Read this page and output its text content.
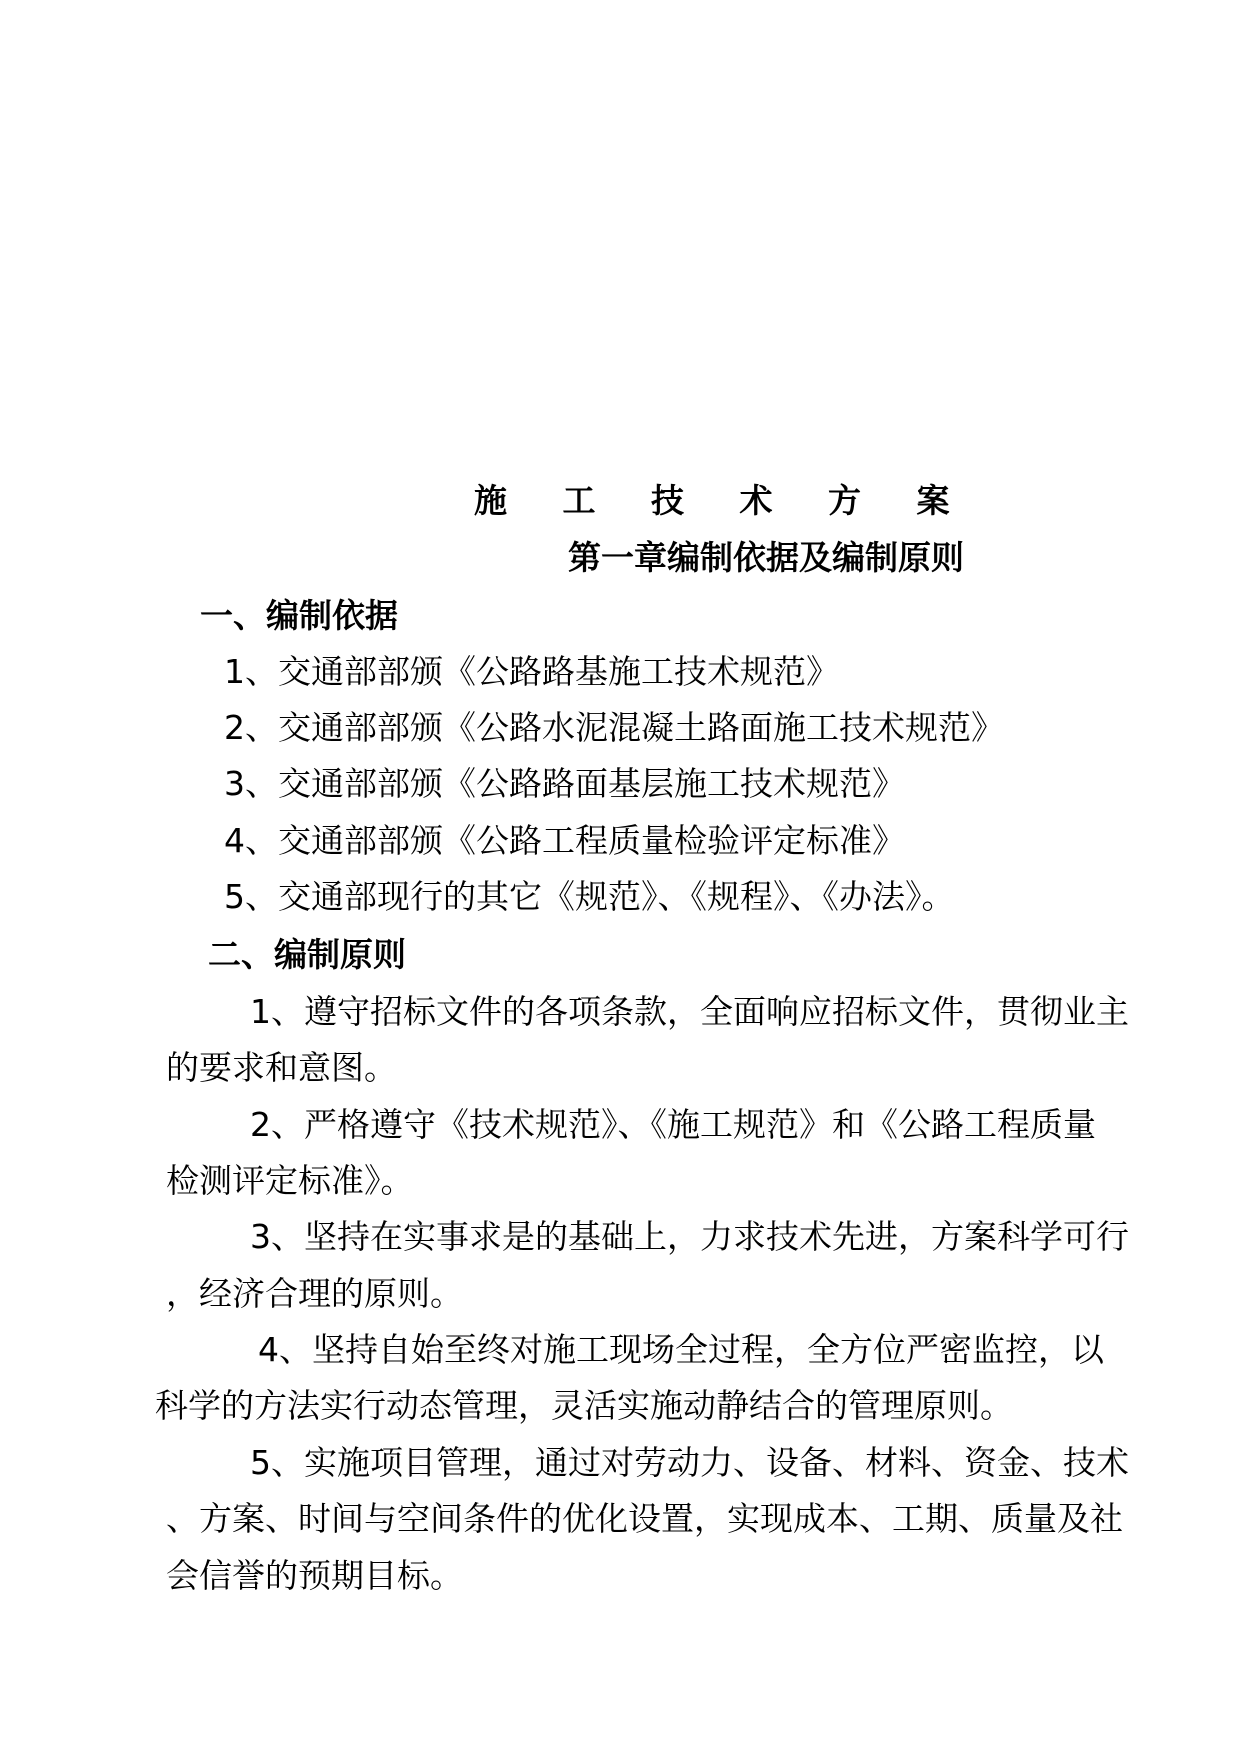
施 工 技 术 方 案
第一章编制依据及编制原则
一、编制依据
1、交通部部颁《公路路基施工技术规范》
2、交通部部颁《公路水泥混凝土路面施工技术规范》
3、交通部部颁《公路路面基层施工技术规范》
4、交通部部颁《公路工程质量检验评定标准》
5、交通部现行的其它《规范》、《规程》、《办法》。
二、编制原则
1、遵守招标文件的各项条款，全面响应招标文件，贯彻业主
的要求和意图。
2、严格遵守《技术规范》、《施工规范》和《公路工程质量
检测评定标准》。
3、坚持在实事求是的基础上，力求技术先进，方案科学可行
，经济合理的原则。
4、坚持自始至终对施工现场全过程，全方位严密监控，以
科学的方法实行动态管理，灵活实施动静结合的管理原则。
5、实施项目管理，通过对劳动力、设备、材料、资金、技术
、方案、时间与空间条件的优化设置，实现成本、工期、质量及社
会信誉的预期目标。
